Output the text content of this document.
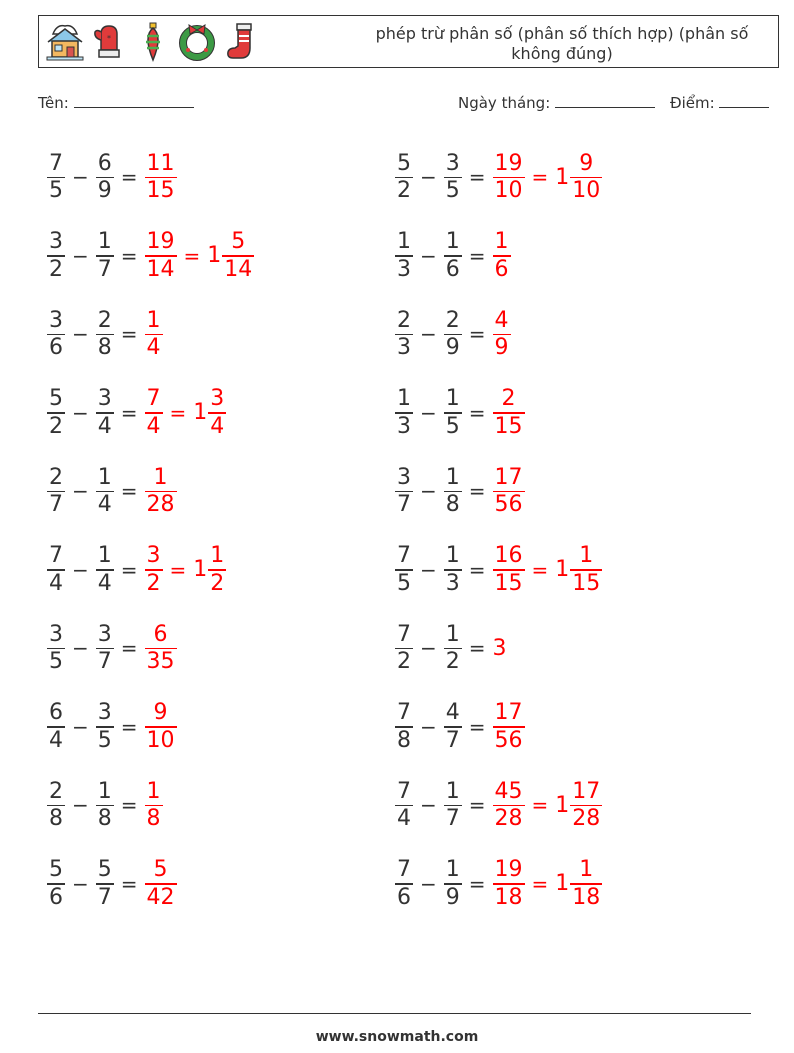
*	phép trừ phân số (phân số thích hợp) (phân số không đúng)
Tên:	Ngày tháng:	Điểm:
$\frac{7}{5} - \frac{6}{9} = \frac{11}{15}$
$\frac{3}{2} - \frac{1}{7} = \frac{19}{14} = 1 \frac{5}{14}$
$\frac{3}{6} - \frac{2}{8} = \frac{1}{4}$
$\frac{5}{2} - \frac{3}{4} = \frac{7}{4} = 1 \frac{3}{4}$
$\frac{2}{7} - \frac{1}{4} = \frac{1}{28}$
$\frac{7}{4} - \frac{1}{4} = \frac{3}{2} = 1 \frac{1}{2}$
$\frac{3}{5} - \frac{3}{7} = \frac{6}{35}$
$\frac{6}{4} - \frac{3}{5} = \frac{9}{10}$
$\frac{2}{8} - \frac{1}{8} = \frac{1}{8}$
$\frac{5}{6} - \frac{5}{7} = \frac{5}{42}$
$\frac{5}{2} - \frac{3}{5} = \frac{19}{10} = 1 \frac{9}{10}$
$\frac{1}{3} - \frac{1}{6} = \frac{1}{6}$
$\frac{2}{3} - \frac{2}{9} = \frac{4}{9}$
$\frac{1}{3} - \frac{1}{5} = \frac{2}{15}$
$\frac{3}{7} - \frac{1}{8} = \frac{17}{56}$
$\frac{7}{5} - \frac{1}{3} = \frac{16}{15} = 1 \frac{1}{15}$
$\frac{7}{2} - \frac{1}{2} = 3$
$\frac{7}{8} - \frac{4}{7} = \frac{17}{56}$
$\frac{7}{4} - \frac{1}{7} = \frac{45}{28} = 1 \frac{17}{28}$
$\frac{7}{6} - \frac{1}{9} = \frac{19}{18} = 1 \frac{1}{18}$
www.snowmath.com
